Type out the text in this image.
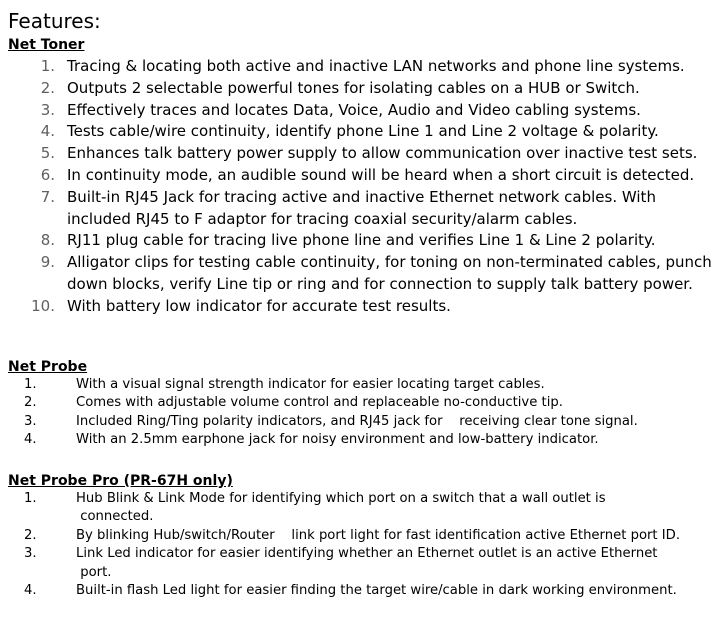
Features:
Net Toner
1. Tracing & locating both active and inactive LAN networks and phone line systems.
2. Outputs 2 selectable powerful tones for isolating cables on a HUB or Switch.
3. Effectively traces and locates Data, Voice, Audio and Video cabling systems.
4. Tests cable/wire continuity, identify phone Line 1 and Line 2 voltage & polarity.
5. Enhances talk battery power supply to allow communication over inactive test sets.
6. In continuity mode, an audible sound will be heard when a short circuit is detected.
7. Built-in RJ45 Jack for tracing active and inactive Ethernet network cables. With included RJ45 to F adaptor for tracing coaxial security/alarm cables.
8. RJ11 plug cable for tracing live phone line and verifies Line 1 & Line 2 polarity.
9. Alligator clips for testing cable continuity, for toning on non-terminated cables, punch down blocks, verify Line tip or ring and for connection to supply talk battery power.
10. With battery low indicator for accurate test results.
Net Probe
1.	With a visual signal strength indicator for easier locating target cables.
2.	Comes with adjustable volume control and replaceable no-conductive tip.
3.	Included Ring/Ting polarity indicators, and RJ45 jack for    receiving clear tone signal.
4.	With an 2.5mm earphone jack for noisy environment and low-battery indicator.
Net Probe Pro (PR-67H only)
1.	Hub Blink & Link Mode for identifying which port on a switch that a wall outlet is
connected.
2.	By blinking Hub/switch/Router    link port light for fast identification active Ethernet port ID.
3.	Link Led indicator for easier identifying whether an Ethernet outlet is an active Ethernet
port.
4.	Built-in flash Led light for easier finding the target wire/cable in dark working environment.
